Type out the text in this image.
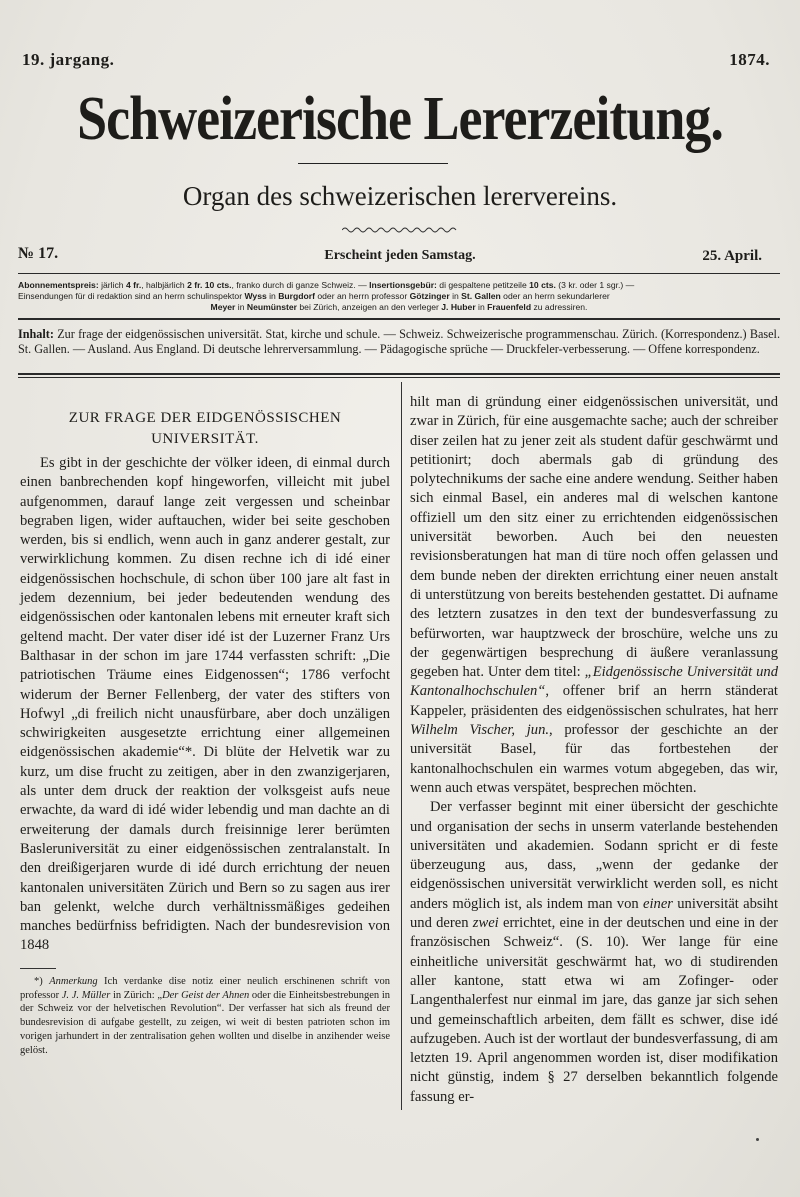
19. jargang.	1874.
Schweizerische Lererzeitung.
Organ des schweizerischen lerervereins.
№ 17.	Erscheint jeden Samstag.	25. April.
Abonnementspreis: järlich 4 fr., halbjärlich 2 fr. 10 cts., franko durch di ganze Schweiz. — Insertionsgebür: di gespaltene petitzeile 10 cts. (3 kr. oder 1 sgr.) —
Einsendungen für di redaktion sind an herrn schulinspektor Wyss in Burgdorf oder an herrn professor Götzinger in St. Gallen oder an herrn sekundarlerer

Meyer in Neumünster bei Zürich, anzeigen an den verleger J. Huber in Frauenfeld zu adressiren.
Inhalt: Zur frage der eidgenössischen universität. Stat, kirche und schule. — Schweiz. Schweizerische programmenschau. Zürich. (Korrespondenz.) Basel. St. Gallen. — Ausland. Aus England. Di deutsche lehrerversammlung. — Pädagogische sprüche — Druckfeler-verbesserung. — Offene korrespondenz.
ZUR FRAGE DER EIDGENÖSSISCHEN
UNIVERSITÄT.

Es gibt in der geschichte der völker ideen, di einmal durch einen banbrechenden kopf hingeworfen, villeicht mit jubel aufgenommen, darauf lange zeit vergessen und scheinbar begraben ligen, wider auftauchen, wider bei seite geschoben werden, bis si endlich, wenn auch in ganz anderer gestalt, zur verwirklichung kommen. Zu disen rechne ich di idé einer eidgenössischen hochschule, di schon über 100 jare alt fast in jedem dezennium, bei jeder bedeutenden wendung des eidgenössischen oder kantonalen lebens mit erneuter kraft sich geltend macht. Der vater diser idé ist der Luzerner Franz Urs Balthasar in der schon im jare 1744 verfassten schrift: „Die patriotischen Träume eines Eidgenossen“; 1786 verfocht widerum der Berner Fellenberg, der vater des stifters von Hofwyl „di freilich nicht unausfürbare, aber doch unzäligen schwirigkeiten ausgesetzte errichtung einer allgemeinen eidgenössischen akademie“*. Di blüte der Helvetik war zu kurz, um dise frucht zu zeitigen, aber in den zwanzigerjaren, als unter dem druck der reaktion der volksgeist aufs neue erwachte, da ward di idé wider lebendig und man dachte an di erweiterung der damals durch freisinnige lerer berümten Basleruniversität zu einer eidgenössischen zentralanstalt. In den dreißigerjaren wurde di idé durch errichtung der neuen kantonalen universitäten Zürich und Bern so zu sagen aus irer ban gelenkt, welche durch verhältnissmäßiges gedeihen manches bedürfniss befridigten. Nach der bundesrevision von 1848

*) Anmerkung Ich verdanke dise notiz einer neulich erschinenen schrift von professor J. J. Müller in Zürich: „Der Geist der Ahnen oder die Einheitsbestrebungen in der Schweiz vor der helvetischen Revolution“. Der verfasser hat sich als freund der bundesrevision di aufgabe gestellt, zu zeigen, wi weit di besten patrioten schon im vorigen jarhundert in der zentralisation gehen wollten und diselbe in anzihender weise gelöst.

hilt man di gründung einer eidgenössischen universität, und zwar in Zürich, für eine ausgemachte sache; auch der schreiber diser zeilen hat zu jener zeit als student dafür geschwärmt und petitionirt; doch abermals gab di gründung des polytechnikums der sache eine andere wendung. Seither haben sich einmal Basel, ein anderes mal di welschen kantone offiziell um den sitz einer zu errichtenden eidgenössischen universität beworben. Auch bei den neuesten revisionsberatungen hat man di türe noch offen gelassen und dem bunde neben der direkten errichtung einer neuen anstalt di unterstützung von bereits bestehenden gestattet. Di aufname des letztern zusatzes in den text der bundesverfassung zu befürworten, war hauptzweck der broschüre, welche uns zu der gegenwärtigen besprechung di äußere veranlassung gegeben hat. Unter dem titel: „Eidgenössische Universität und Kantonalhochschulen“, offener brif an herrn ständerat Kappeler, präsidenten des eidgenössischen schulrates, hat herr Wilhelm Vischer, jun., professor der geschichte an der universität Basel, für das fortbestehen der kantonalhochschulen ein warmes votum abgegeben, das wir, wenn auch etwas verspätet, besprechen möchten.

Der verfasser beginnt mit einer übersicht der geschichte und organisation der sechs in unserm vaterlande bestehenden universitäten und akademien. Sodann spricht er di feste überzeugung aus, dass, „wenn der gedanke der eidgenössischen universität verwirklicht werden soll, es nicht anders möglich ist, als indem man von einer universität absiht und deren zwei errichtet, eine in der deutschen und eine in der französischen Schweiz“. (S. 10). Wer lange für eine einheitliche universität geschwärmt hat, wo di studirenden aller kantone, statt etwa wi am Zofinger- oder Langenthalerfest nur einmal im jare, das ganze jar sich sehen und gemeinschaftlich arbeiten, dem fällt es schwer, dise idé aufzugeben. Auch ist der wortlaut der bundesverfassung, di am letzten 19. April angenommen worden ist, diser modifikation nicht günstig, indem § 27 derselben bekanntlich folgende fassung er-
